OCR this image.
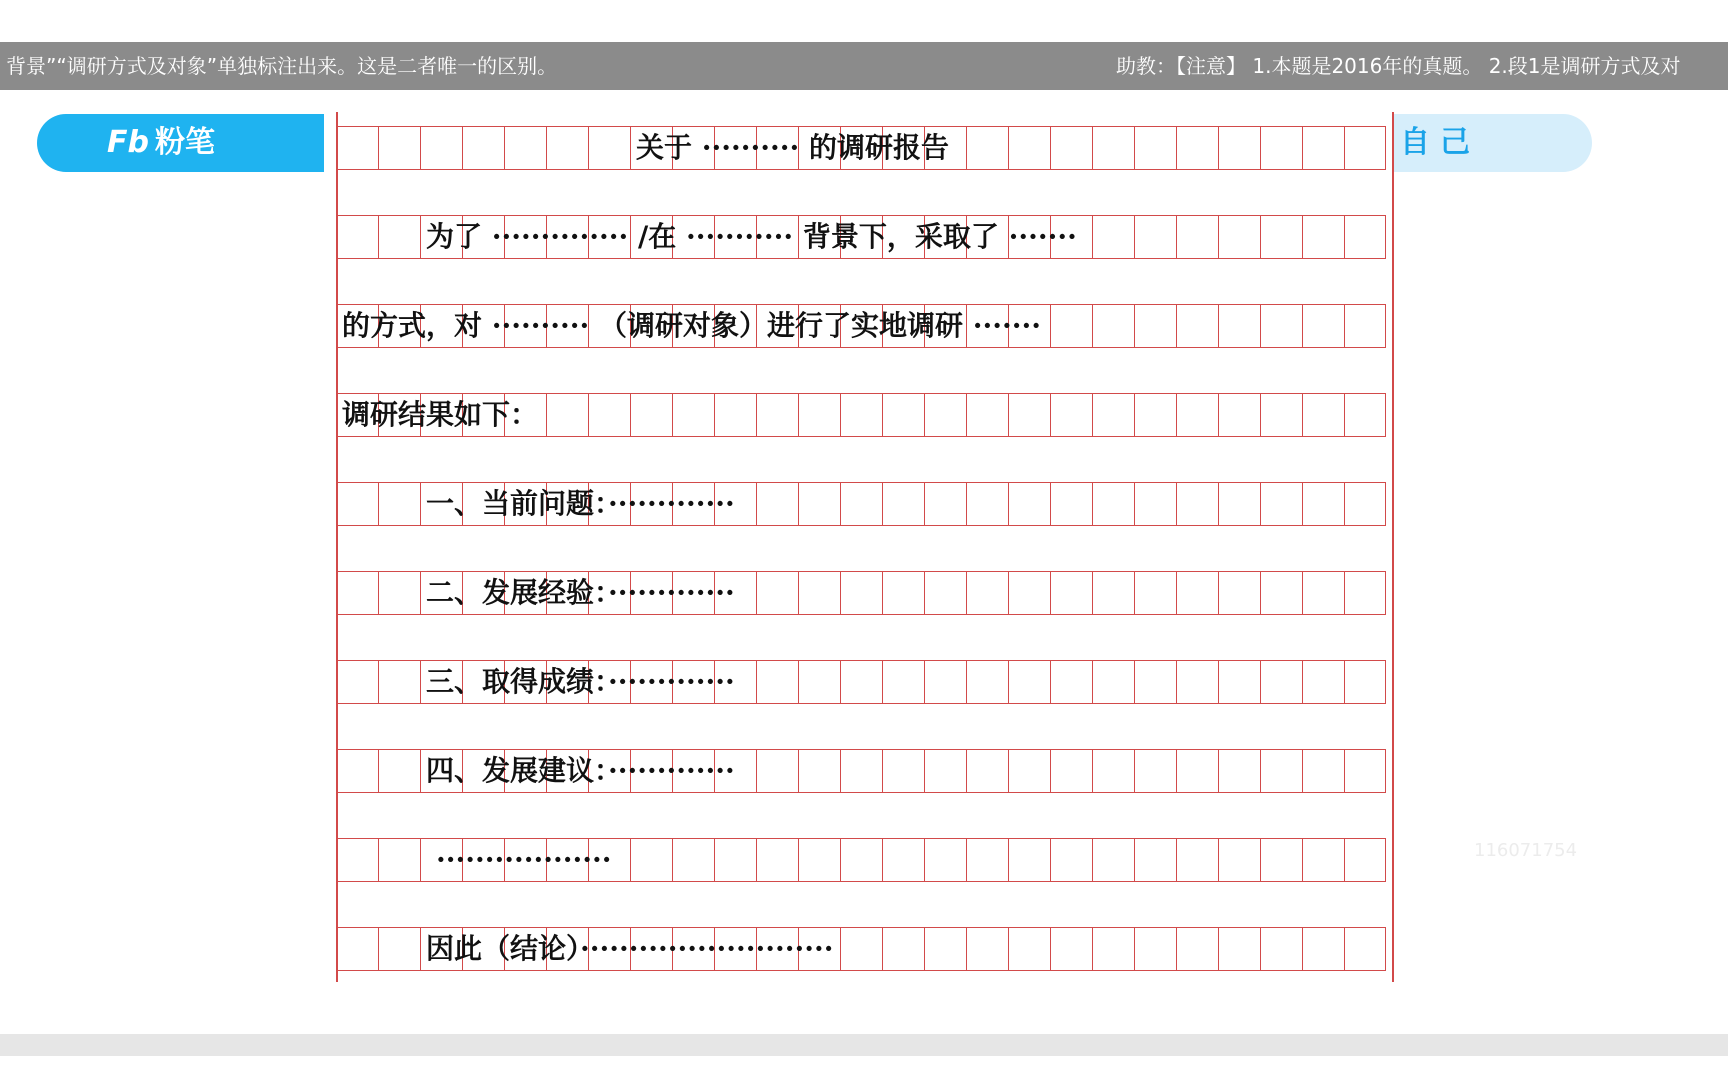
背景”“调研方式及对象”单独标注出来。这是二者唯一的区别。	助教：【注意】 1.本题是2016年的真题。 2.段1是调研方式及对
Fb 粉笔	自己
116071754
关于 ·········· 的调研报告
为了 ·············· /在 ··········· 背景下，采取了 ·······
的方式，对 ·········· （调研对象）进行了实地调研 ·······
调研结果如下：
一、当前问题：·············
二、发展经验：·············
三、取得成绩：·············
四、发展建议：·············
··················
因此（结论）··························
